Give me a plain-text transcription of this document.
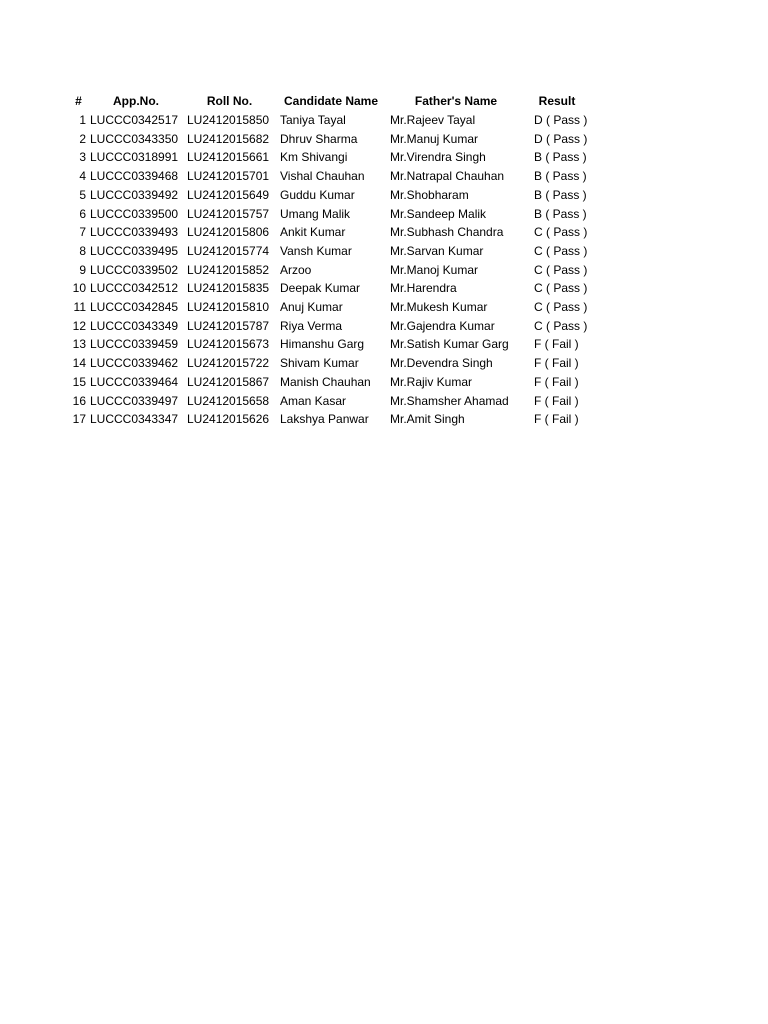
#	App.No.	Roll No.	Candidate Name	Father's Name	Result
1	LUCCC0342517	LU2412015850	Taniya Tayal	Mr.Rajeev Tayal	D ( Pass )
2	LUCCC0343350	LU2412015682	Dhruv Sharma	Mr.Manuj Kumar	D ( Pass )
3	LUCCC0318991	LU2412015661	Km Shivangi	Mr.Virendra Singh	B ( Pass )
4	LUCCC0339468	LU2412015701	Vishal Chauhan	Mr.Natrapal Chauhan	B ( Pass )
5	LUCCC0339492	LU2412015649	Guddu Kumar	Mr.Shobharam	B ( Pass )
6	LUCCC0339500	LU2412015757	Umang Malik	Mr.Sandeep Malik	B ( Pass )
7	LUCCC0339493	LU2412015806	Ankit Kumar	Mr.Subhash Chandra	C ( Pass )
8	LUCCC0339495	LU2412015774	Vansh Kumar	Mr.Sarvan Kumar	C ( Pass )
9	LUCCC0339502	LU2412015852	Arzoo	Mr.Manoj Kumar	C ( Pass )
10	LUCCC0342512	LU2412015835	Deepak Kumar	Mr.Harendra	C ( Pass )
11	LUCCC0342845	LU2412015810	Anuj Kumar	Mr.Mukesh Kumar	C ( Pass )
12	LUCCC0343349	LU2412015787	Riya Verma	Mr.Gajendra Kumar	C ( Pass )
13	LUCCC0339459	LU2412015673	Himanshu Garg	Mr.Satish Kumar Garg	F ( Fail )
14	LUCCC0339462	LU2412015722	Shivam Kumar	Mr.Devendra Singh	F ( Fail )
15	LUCCC0339464	LU2412015867	Manish Chauhan	Mr.Rajiv Kumar	F ( Fail )
16	LUCCC0339497	LU2412015658	Aman Kasar	Mr.Shamsher Ahamad	F ( Fail )
17	LUCCC0343347	LU2412015626	Lakshya Panwar	Mr.Amit Singh	F ( Fail )
